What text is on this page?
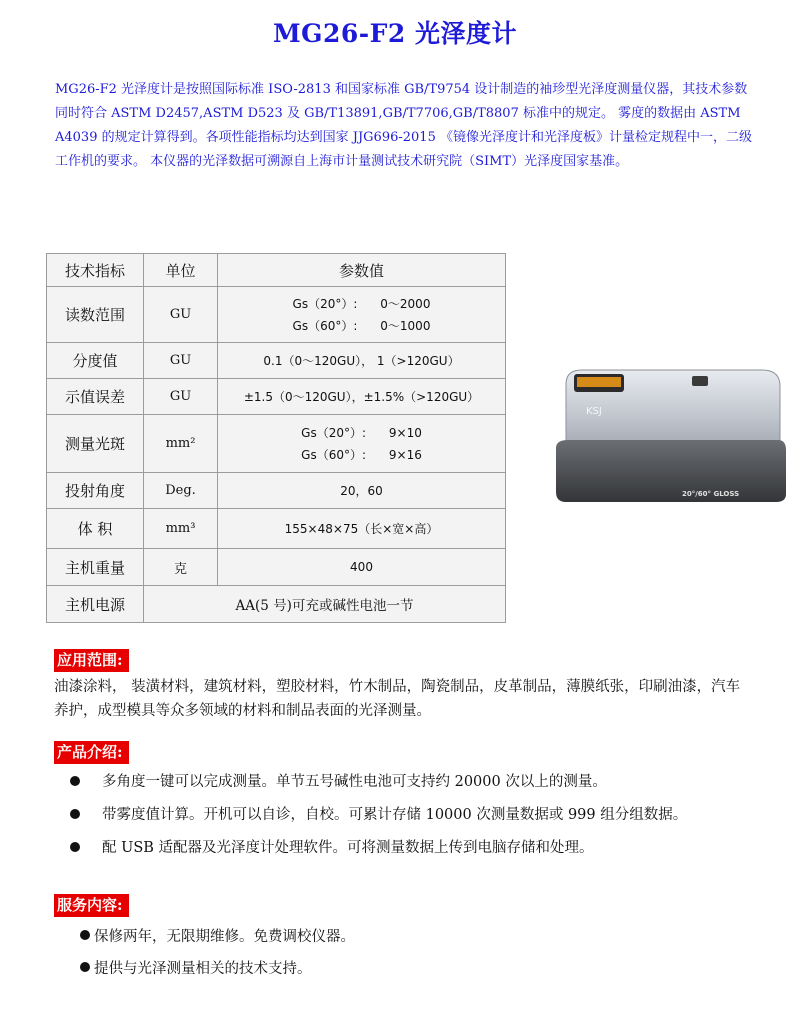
MG26-F2 光泽度计

MG26-F2 光泽度计是按照国际标准 ISO-2813 和国家标准 GB/T9754 设计制造的袖珍型光泽度测量仪器，其技术参数同时符合 ASTM D2457,ASTM D523 及 GB/T13891,GB/T7706,GB/T8807 标准中的规定。 雾度的数据由 ASTM A4039 的规定计算得到。各项性能指标均达到国家 JJG696-2015 《镜像光泽度计和光泽度板》计量检定规程中一，二级工作机的要求。 本仪器的光泽数据可溯源自上海市计量测试技术研究院（SIMT）光泽度国家基准。

技术指标	单位	参数值
读数范围	GU	Gs（20°）:      0～2000
Gs（60°）:      0～1000

分度值	GU	0.1（0～120GU）， 1（>120GU）
示值误差	GU	±1.5（0～120GU），±1.5%（>120GU）
测量光斑	mm²	Gs（20°）:      9×10
Gs（60°）:      9×16

投射角度	Deg.	20，60
体 积	mm³	155×48×75（长×宽×高）
主机重量	克	400
主机电源	AA(5 号)可充或碱性电池一节	
KSJ
20°/60° GLOSS
应用范围:

油漆涂料， 装潢材料，建筑材料，塑胶材料，竹木制品，陶瓷制品，皮革制品，薄膜纸张，印刷油漆，汽车养护，成型模具等众多领域的材料和制品表面的光泽测量。

产品介绍:
多角度一键可以完成测量。单节五号碱性电池可支持约 20000 次以上的测量。
带雾度值计算。开机可以自诊，自校。可累计存储 10000 次测量数据或 999 组分组数据。
配 USB 适配器及光泽度计处理软件。可将测量数据上传到电脑存储和处理。
服务内容:
保修两年，无限期维修。免费调校仪器。
提供与光泽测量相关的技术支持。
